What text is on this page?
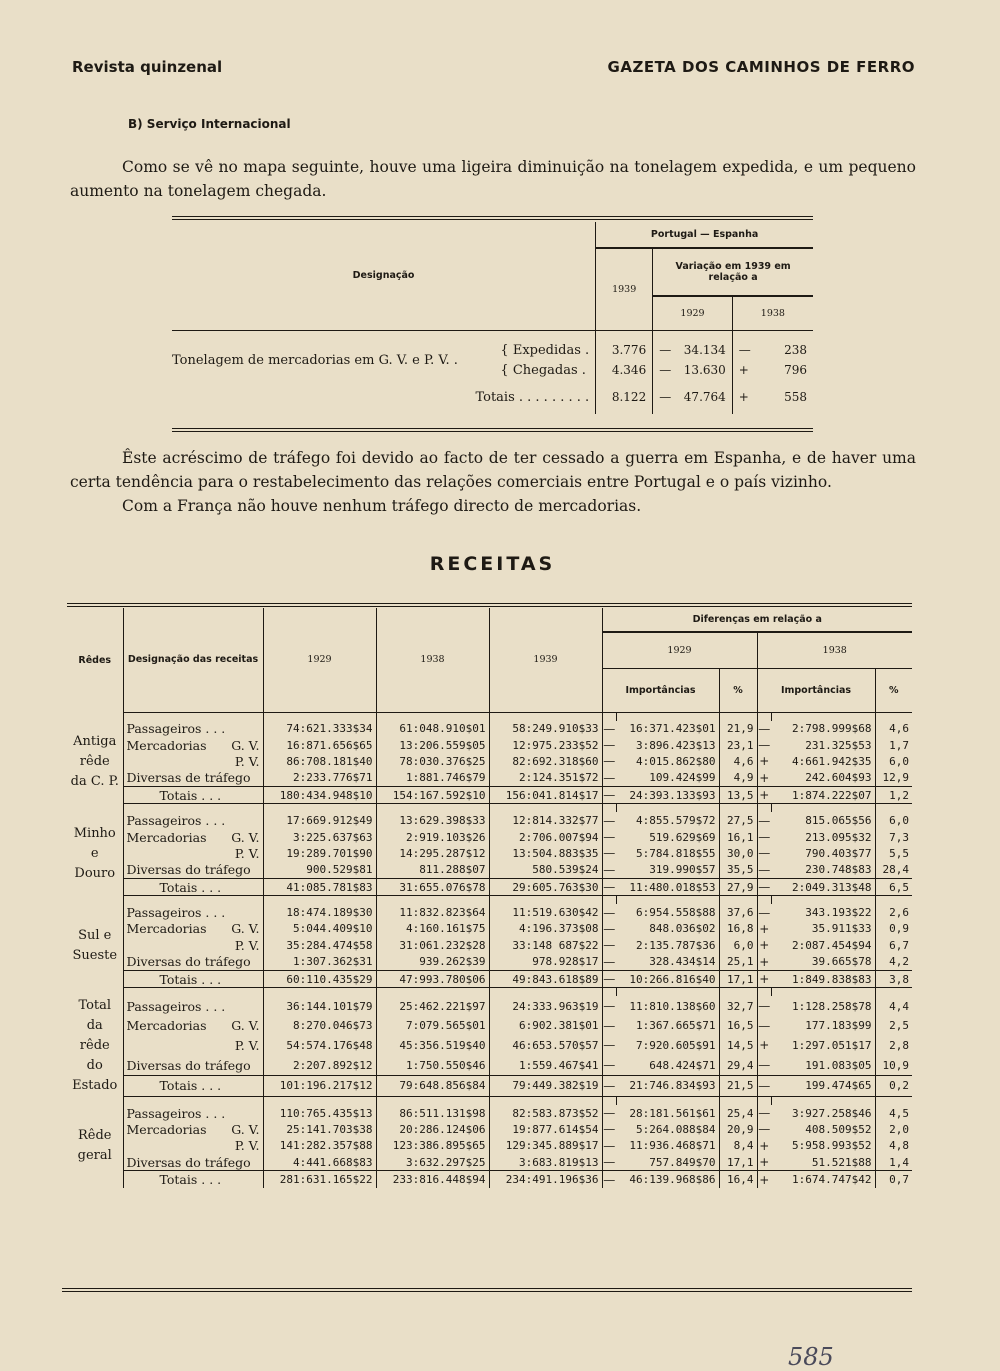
Revista quinzenal	GAZETA DOS CAMINHOS DE FERRO
B) Serviço Internacional
Como se vê no mapa seguinte, houve uma ligeira diminuição na tonelagem expedida, e um pequeno aumento na tonelagem chegada.
Designação		Portugal — Espanha		
		1939	Variação em 1939 em relação a	
			1929	1938

Tonelagem de mercadorias em G. V. e P. V. .	{ Expedidas .	3.776	— 34.134	— 238
	{ Chegadas .	4.346	— 13.630	+ 796
Totais . . . . . . . . .		8.122	— 47.764	+ 558
Êste acréscimo de tráfego foi devido ao facto de ter cessado a guerra em Espanha, e de haver uma certa tendência para o restabelecimento das relações comerciais entre Portugal e o país vizinho.
Com a França não houve nenhum tráfego directo de mercadorias.
RECEITAS
Rêdes	Designação das receitas	1929	1938	1939	Diferenças em relação a					
					1929			1938		
					Importâncias		%	Importâncias		%

Antiga rêde da C. P.	Passageiros . . .	74:621.333$34	61:048.910$01	58:249.910$33	—	16:371.423$01	21,9	—	2:798.999$68	4,6
	Mercadorias G. V.	16:871.656$65	13:206.559$05	12:975.233$52	—	3:896.423$13	23,1	—	231.325$53	1,7

	P. V.	86:708.181$40	78:030.376$25	82:692.318$60	—	4:015.862$80	4,6	+	4:661.942$35	6,0
	Diversas de tráfego	2:233.776$71	1:881.746$79	2:124.351$72	—	109.424$99	4,9	+	242.604$93	12,9
	Totais . . .	180:434.948$10	154:167.592$10	156:041.814$17	—	24:393.133$93	13,5	+	1:874.222$07	1,2

Minho e Douro	Passageiros . . .	17:669.912$49	13:629.398$33	12:814.332$77	—	4:855.579$72	27,5	—	815.065$56	6,0
	Mercadorias G. V.	3:225.637$63	2:919.103$26	2:706.007$94	—	519.629$69	16,1	—	213.095$32	7,3

	P. V.	19:289.701$90	14:295.287$12	13:504.883$35	—	5:784.818$55	30,0	—	790.403$77	5,5
	Diversas do tráfego	900.529$81	811.288$07	580.539$24	—	319.990$57	35,5	—	230.748$83	28,4
	Totais . . .	41:085.781$83	31:655.076$78	29:605.763$30	—	11:480.018$53	27,9	—	2:049.313$48	6,5

Sul e Sueste	Passageiros . . .	18:474.189$30	11:832.823$64	11:519.630$42	—	6:954.558$88	37,6	—	343.193$22	2,6
	Mercadorias G. V.	5:044.409$10	4:160.161$75	4:196.373$08	—	848.036$02	16,8	+	35.911$33	0,9

	P. V.	35:284.474$58	31:061.232$28	33:148 687$22	—	2:135.787$36	6,0	+	2:087.454$94	6,7
	Diversas do tráfego	1:307.362$31	939.262$39	978.928$17	—	328.434$14	25,1	+	39.665$78	4,2
	Totais . . .	60:110.435$29	47:993.780$06	49:843.618$89	—	10:266.816$40	17,1	+	1:849.838$83	3,8

Total da rêde do Estado	Passageiros . . .	36:144.101$79	25:462.221$97	24:333.963$19	—	11:810.138$60	32,7	—	1:128.258$78	4,4
	Mercadorias G. V.	8:270.046$73	7:079.565$01	6:902.381$01	—	1:367.665$71	16,5	—	177.183$99	2,5

	P. V.	54:574.176$48	45:356.519$40	46:653.570$57	—	7:920.605$91	14,5	+	1:297.051$17	2,8
	Diversas do tráfego	2:207.892$12	1:750.550$46	1:559.467$41	—	648.424$71	29,4	—	191.083$05	10,9
	Totais . . .	101:196.217$12	79:648.856$84	79:449.382$19	—	21:746.834$93	21,5	—	199.474$65	0,2

Rêde geral	Passageiros . . .	110:765.435$13	86:511.131$98	82:583.873$52	—	28:181.561$61	25,4	—	3:927.258$46	4,5
	Mercadorias G. V.	25:141.703$38	20:286.124$06	19:877.614$54	—	5:264.088$84	20,9	—	408.509$52	2,0

	P. V.	141:282.357$88	123:386.895$65	129:345.889$17	—	11:936.468$71	8,4	+	5:958.993$52	4,8
	Diversas do tráfego	4:441.668$83	3:632.297$25	3:683.819$13	—	757.849$70	17,1	+	51.521$88	1,4
	Totais . . .	281:631.165$22	233:816.448$94	234:491.196$36	—	46:139.968$86	16,4	+	1:674.747$42	0,7
585
